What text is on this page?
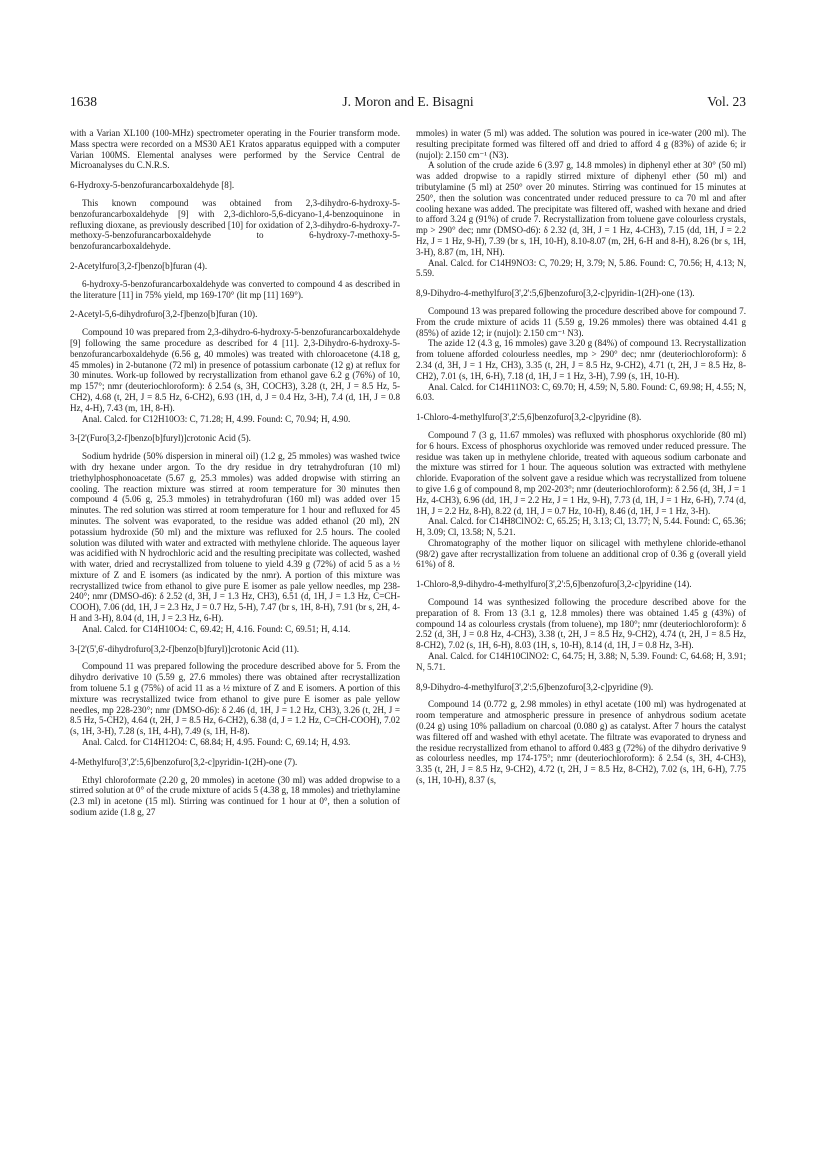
J. Moron and E. Bisagni
1638	Vol. 23

with a Varian XL100 (100-MHz) spectrometer operating in the Fourier transform mode. Mass spectra were recorded on a MS30 AE1 Kratos apparatus equipped with a computer Varian 100MS. Elemental analyses were performed by the Service Central de Microanalyses du C.N.R.S.

6-Hydroxy-5-benzofurancarboxaldehyde [8].

This known compound was obtained from 2,3-dihydro-6-hydroxy-5-benzofurancarboxaldehyde [9] with 2,3-dichloro-5,6-dicyano-1,4-benzoquinone in refluxing dioxane, as previously described [10] for oxidation of 2,3-dihydro-6-hydroxy-7-methoxy-5-benzofurancarboxaldehyde to 6-hydroxy-7-methoxy-5-benzofurancarboxaldehyde.

2-Acetylfuro[3,2-f]benzo[b]furan (4).

6-hydroxy-5-benzofurancarboxaldehyde was converted to compound 4 as described in the literature [11] in 75% yield, mp 169-170° (lit mp [11] 169°).

2-Acetyl-5,6-dihydrofuro[3,2-f]benzo[b]furan (10).

Compound 10 was prepared from 2,3-dihydro-6-hydroxy-5-benzofurancarboxaldehyde [9] following the same procedure as described for 4 [11]. 2,3-Dihydro-6-hydroxy-5-benzofurancarboxaldehyde (6.56 g, 40 mmoles) was treated with chloroacetone (4.18 g, 45 mmoles) in 2-butanone (72 ml) in presence of potassium carbonate (12 g) at reflux for 30 minutes. Work-up followed by recrystallization from ethanol gave 6.2 g (76%) of 10, mp 157°; nmr (deuteriochloroform): δ 2.54 (s, 3H, COCH3), 3.28 (t, 2H, J = 8.5 Hz, 5-CH2), 4.68 (t, 2H, J = 8.5 Hz, 6-CH2), 6.93 (1H, d, J = 0.4 Hz, 3-H), 7.4 (d, 1H, J = 0.8 Hz, 4-H), 7.43 (m, 1H, 8-H).

Anal. Calcd. for C12H10O3: C, 71.28; H, 4.99. Found: C, 70.94; H, 4.90.

3-[2'(Furo[3,2-f]benzo[b]furyl)]crotonic Acid (5).

Sodium hydride (50% dispersion in mineral oil) (1.2 g, 25 mmoles) was washed twice with dry hexane under argon. To the dry residue in dry tetrahydrofuran (10 ml) triethylphosphonoacetate (5.67 g, 25.3 mmoles) was added dropwise with stirring an cooling. The reaction mixture was stirred at room temperature for 30 minutes then compound 4 (5.06 g, 25.3 mmoles) in tetrahydrofuran (160 ml) was added over 15 minutes. The red solution was stirred at room temperature for 1 hour and refluxed for 45 minutes. The solvent was evaporated, to the residue was added ethanol (20 ml), 2N potassium hydroxide (50 ml) and the mixture was refluxed for 2.5 hours. The cooled solution was diluted with water and extracted with methylene chloride. The aqueous layer was acidified with N hydrochloric acid and the resulting precipitate was collected, washed with water, dried and recrystallized from toluene to yield 4.39 g (72%) of acid 5 as a ½ mixture of Z and E isomers (as indicated by the nmr). A portion of this mixture was recrystallized twice from ethanol to give pure E isomer as pale yellow needles, mp 238-240°; nmr (DMSO-d6): δ 2.52 (d, 3H, J = 1.3 Hz, CH3), 6.51 (d, 1H, J = 1.3 Hz, C=CH-COOH), 7.06 (dd, 1H, J = 2.3 Hz, J = 0.7 Hz, 5-H), 7.47 (br s, 1H, 8-H), 7.91 (br s, 2H, 4-H and 3-H), 8.04 (d, 1H, J = 2.3 Hz, 6-H).

Anal. Calcd. for C14H10O4: C, 69.42; H, 4.16. Found: C, 69.51; H, 4.14.

3-[2'(5',6'-dihydrofuro[3,2-f]benzo[b]furyl)]crotonic Acid (11).

Compound 11 was prepared following the procedure described above for 5. From the dihydro derivative 10 (5.59 g, 27.6 mmoles) there was obtained after recrystallization from toluene 5.1 g (75%) of acid 11 as a ½ mixture of Z and E isomers. A portion of this mixture was recrystallized twice from ethanol to give pure E isomer as pale yellow needles, mp 228-230°; nmr (DMSO-d6): δ 2.46 (d, 1H, J = 1.2 Hz, CH3), 3.26 (t, 2H, J = 8.5 Hz, 5-CH2), 4.64 (t, 2H, J = 8.5 Hz, 6-CH2), 6.38 (d, J = 1.2 Hz, C=CH-COOH), 7.02 (s, 1H, 3-H), 7.28 (s, 1H, 4-H), 7.49 (s, 1H, H-8).

Anal. Calcd. for C14H12O4: C, 68.84; H, 4.95. Found: C, 69.14; H, 4.93.

4-Methylfuro[3',2':5,6]benzofuro[3,2-c]pyridin-1(2H)-one (7).

Ethyl chloroformate (2.20 g, 20 mmoles) in acetone (30 ml) was added dropwise to a stirred solution at 0° of the crude mixture of acids 5 (4.38 g, 18 mmoles) and triethylamine (2.3 ml) in acetone (15 ml). Stirring was continued for 1 hour at 0°, then a solution of sodium azide (1.8 g, 27

mmoles) in water (5 ml) was added. The solution was poured in ice-water (200 ml). The resulting precipitate formed was filtered off and dried to afford 4 g (83%) of azide 6; ir (nujol): 2.150 cm⁻¹ (N3).

A solution of the crude azide 6 (3.97 g, 14.8 mmoles) in diphenyl ether at 30° (50 ml) was added dropwise to a rapidly stirred mixture of diphenyl ether (50 ml) and tributylamine (5 ml) at 250° over 20 minutes. Stirring was continued for 15 minutes at 250°, then the solution was concentrated under reduced pressure to ca 70 ml and after cooling hexane was added. The precipitate was filtered off, washed with hexane and dried to afford 3.24 g (91%) of crude 7. Recrystallization from toluene gave colourless crystals, mp > 290° dec; nmr (DMSO-d6): δ 2.32 (d, 3H, J = 1 Hz, 4-CH3), 7.15 (dd, 1H, J = 2.2 Hz, J = 1 Hz, 9-H), 7.39 (br s, 1H, 10-H), 8.10-8.07 (m, 2H, 6-H and 8-H), 8.26 (br s, 1H, 3-H), 8.87 (m, 1H, NH).

Anal. Calcd. for C14H9NO3: C, 70.29; H, 3.79; N, 5.86. Found: C, 70.56; H, 4.13; N, 5.59.

8,9-Dihydro-4-methylfuro[3',2':5,6]benzofuro[3,2-c]pyridin-1(2H)-one (13).

Compound 13 was prepared following the procedure described above for compound 7. From the crude mixture of acids 11 (5.59 g, 19.26 mmoles) there was obtained 4.41 g (85%) of azide 12; ir (nujol): 2.150 cm⁻¹ N3).

The azide 12 (4.3 g, 16 mmoles) gave 3.20 g (84%) of compound 13. Recrystallization from toluene afforded colourless needles, mp > 290° dec; nmr (deuteriochloroform): δ 2.34 (d, 3H, J = 1 Hz, CH3), 3.35 (t, 2H, J = 8.5 Hz, 9-CH2), 4.71 (t, 2H, J = 8.5 Hz, 8-CH2), 7.01 (s, 1H, 6-H), 7.18 (d, 1H, J = 1 Hz, 3-H), 7.99 (s, 1H, 10-H).

Anal. Calcd. for C14H11NO3: C, 69.70; H, 4.59; N, 5.80. Found: C, 69.98; H, 4.55; N, 6.03.

1-Chloro-4-methylfuro[3',2':5,6]benzofuro[3,2-c]pyridine (8).

Compound 7 (3 g, 11.67 mmoles) was refluxed with phosphorus oxychloride (80 ml) for 6 hours. Excess of phosphorus oxychloride was removed under reduced pressure. The residue was taken up in methylene chloride, treated with aqueous sodium carbonate and the mixture was stirred for 1 hour. The aqueous solution was extracted with methylene chloride. Evaporation of the solvent gave a residue which was recrystallized from toluene to give 1.6 g of compound 8, mp 202-203°; nmr (deuteriochloroform): δ 2.56 (d, 3H, J = 1 Hz, 4-CH3), 6.96 (dd, 1H, J = 2.2 Hz, J = 1 Hz, 9-H), 7.73 (d, 1H, J = 1 Hz, 6-H), 7.74 (d, 1H, J = 2.2 Hz, 8-H), 8.22 (d, 1H, J = 0.7 Hz, 10-H), 8.46 (d, 1H, J = 1 Hz, 3-H).

Anal. Calcd. for C14H8ClNO2: C, 65.25; H, 3.13; Cl, 13.77; N, 5.44. Found: C, 65.36; H, 3.09; Cl, 13.58; N, 5.21.

Chromatography of the mother liquor on silicagel with methylene chloride-ethanol (98/2) gave after recrystallization from toluene an additional crop of 0.36 g (overall yield 61%) of 8.

1-Chloro-8,9-dihydro-4-methylfuro[3',2':5,6]benzofuro[3,2-c]pyridine (14).

Compound 14 was synthesized following the procedure described above for the preparation of 8. From 13 (3.1 g, 12.8 mmoles) there was obtained 1.45 g (43%) of compound 14 as colourless crystals (from toluene), mp 180°; nmr (deuteriochloroform): δ 2.52 (d, 3H, J = 0.8 Hz, 4-CH3), 3.38 (t, 2H, J = 8.5 Hz, 9-CH2), 4.74 (t, 2H, J = 8.5 Hz, 8-CH2), 7.02 (s, 1H, 6-H), 8.03 (1H, s, 10-H), 8.14 (d, 1H, J = 0.8 Hz, 3-H).

Anal. Calcd. for C14H10ClNO2: C, 64.75; H, 3.88; N, 5.39. Found: C, 64.68; H, 3.91; N, 5.71.

8,9-Dihydro-4-methylfuro[3',2':5,6]benzofuro[3,2-c]pyridine (9).

Compound 14 (0.772 g, 2.98 mmoles) in ethyl acetate (100 ml) was hydrogenated at room temperature and atmospheric pressure in presence of anhydrous sodium acetate (0.24 g) using 10% palladium on charcoal (0.080 g) as catalyst. After 7 hours the catalyst was filtered off and washed with ethyl acetate. The filtrate was evaporated to dryness and the residue recrystallized from ethanol to afford 0.483 g (72%) of the dihydro derivative 9 as colourless needles, mp 174-175°; nmr (deuteriochloroform): δ 2.54 (s, 3H, 4-CH3), 3.35 (t, 2H, J = 8.5 Hz, 9-CH2), 4.72 (t, 2H, J = 8.5 Hz, 8-CH2), 7.02 (s, 1H, 6-H), 7.75 (s, 1H, 10-H), 8.37 (s,
